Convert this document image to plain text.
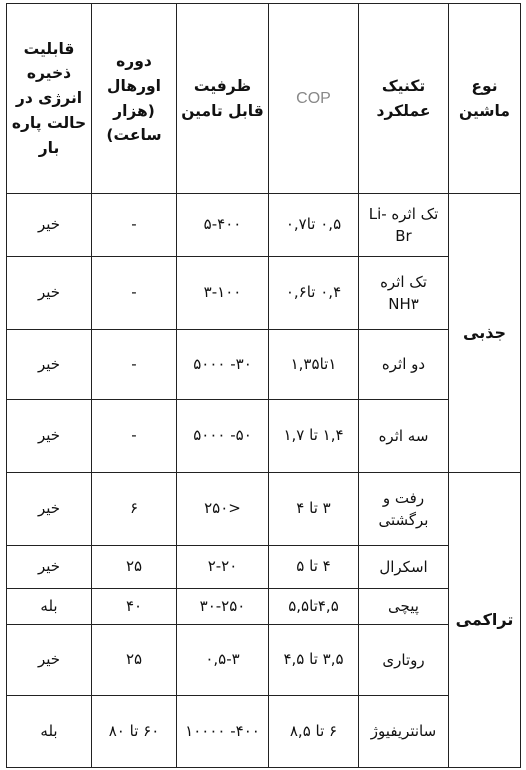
نوع ماشین	تکنیک عملکرد	COP	ظرفیت قابل تامین	دوره اورهال (هزار ساعت)	قابلیت ذخیره انرژی در حالت پاره بار
جذبی	تک اثره Li-Br	۰,۵ تا۰,۷	۵-۴۰۰	-	خیر
	تک اثره NH۳	۰,۴ تا۰,۶	۳-۱۰۰	-	خیر
	دو اثره	۱تا۱,۳۵	۳۰- ۵۰۰۰	-	خیر
	سه اثره	۱,۴ تا ۱,۷	۵۰- ۵۰۰۰	-	خیر
تراکمی	رفت و برگشتی	۳ تا ۴	<۲۵۰	۶	خیر
	اسکرال	۴ تا ۵	۲-۲۰	۲۵	خیر
	پیچی	۴,۵تا۵,۵	۳۰-۲۵۰	۴۰	بله
	روتاری	۳,۵ تا ۴,۵	۰,۵-۳	۲۵	خیر
	سانتریفیوژ	۶ تا ۸,۵	۴۰۰- ۱۰۰۰۰	۶۰ تا ۸۰	بله
